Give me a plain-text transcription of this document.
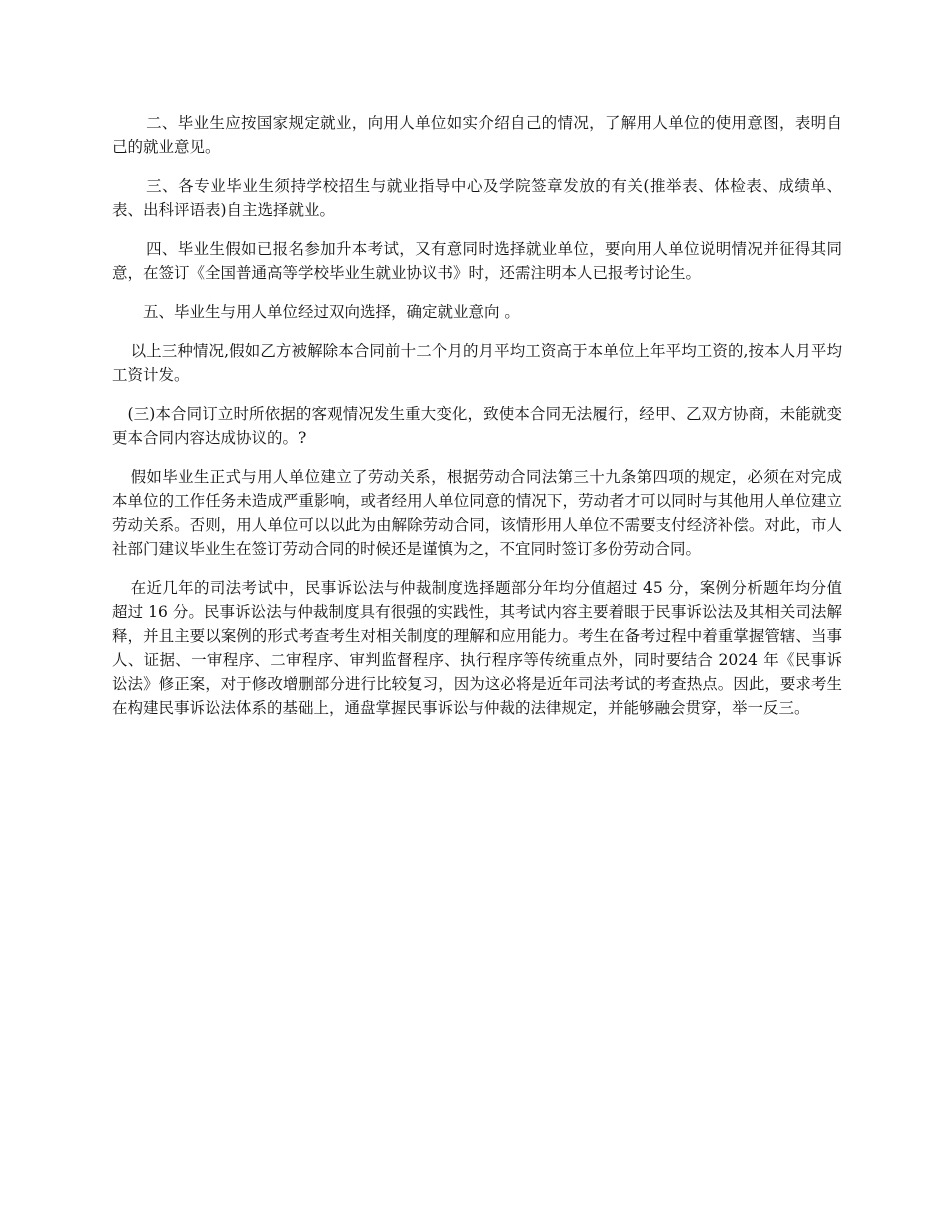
二、毕业生应按国家规定就业，向用人单位如实介绍自己的情况，了解用人单位的使用意图，表明自己的就业意见。

三、各专业毕业生须持学校招生与就业指导中心及学院签章发放的有关(推举表、体检表、成绩单、表、出科评语表)自主选择就业。

四、毕业生假如已报名参加升本考试，又有意同时选择就业单位，要向用人单位说明情况并征得其同意，在签订《全国普通高等学校毕业生就业协议书》时，还需注明本人已报考讨论生。

五、毕业生与用人单位经过双向选择，确定就业意向 。

以上三种情况,假如乙方被解除本合同前十二个月的月平均工资高于本单位上年平均工资的,按本人月平均工资计发。

(三)本合同订立时所依据的客观情况发生重大变化，致使本合同无法履行，经甲、乙双方协商，未能就变更本合同内容达成协议的。?

假如毕业生正式与用人单位建立了劳动关系，根据劳动合同法第三十九条第四项的规定，必须在对完成本单位的工作任务未造成严重影响，或者经用人单位同意的情况下，劳动者才可以同时与其他用人单位建立劳动关系。否则，用人单位可以以此为由解除劳动合同，该情形用人单位不需要支付经济补偿。对此，市人社部门建议毕业生在签订劳动合同的时候还是谨慎为之，不宜同时签订多份劳动合同。

在近几年的司法考试中，民事诉讼法与仲裁制度选择题部分年均分值超过 45 分，案例分析题年均分值超过 16 分。民事诉讼法与仲裁制度具有很强的实践性，其考试内容主要着眼于民事诉讼法及其相关司法解释，并且主要以案例的形式考查考生对相关制度的理解和应用能力。考生在备考过程中着重掌握管辖、当事人、证据、一审程序、二审程序、审判监督程序、执行程序等传统重点外，同时要结合 2024 年《民事诉讼法》修正案，对于修改增删部分进行比较复习，因为这必将是近年司法考试的考查热点。因此，要求考生在构建民事诉讼法体系的基础上，通盘掌握民事诉讼与仲裁的法律规定，并能够融会贯穿，举一反三。
